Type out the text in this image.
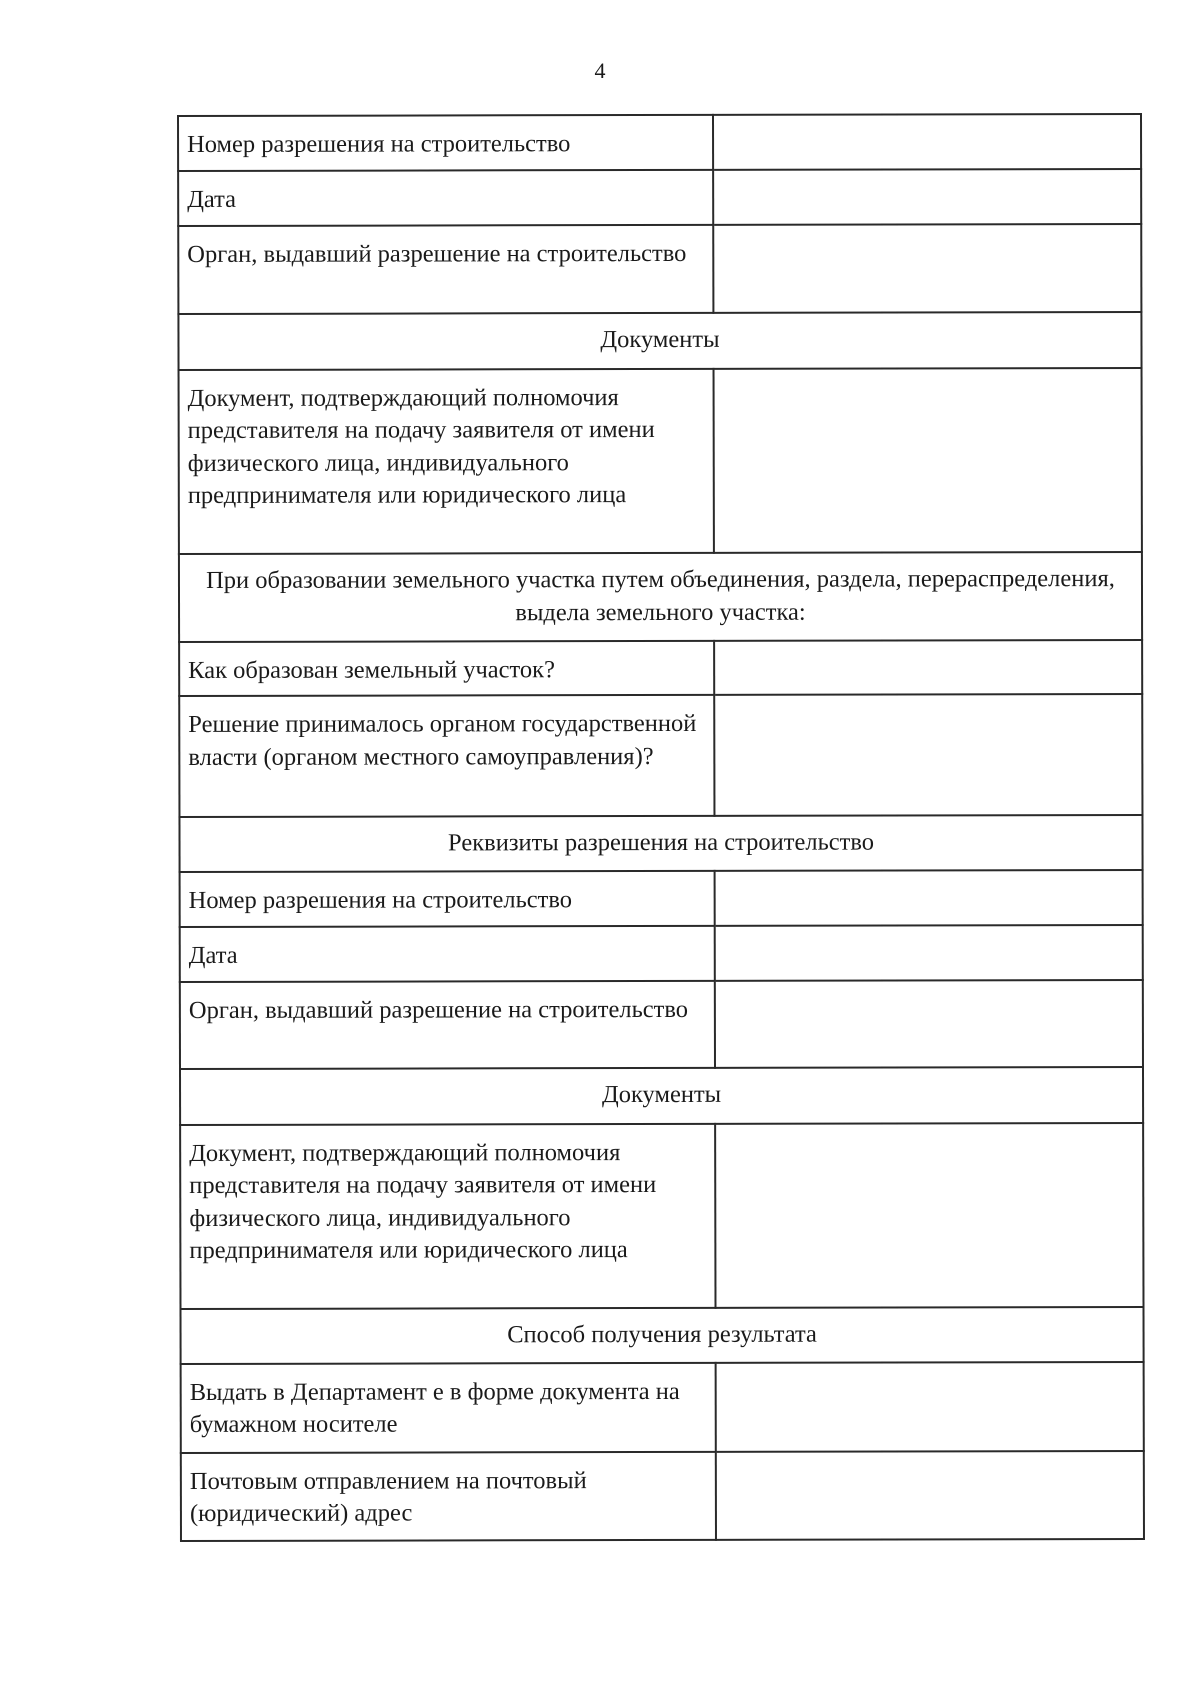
4
Номер разрешения на строительство	
Дата	
Орган, выдавший разрешение на строительство	
Документы	
Документ, подтверждающий полномочия представителя на подачу заявителя от имени физического лица, индивидуального предпринимателя или юридического лица	
При образовании земельного участка путем объединения, раздела, перераспределения, выдела земельного участка:	
Как образован земельный участок?	
Решение принималось органом государственной власти (органом местного самоуправления)?	
Реквизиты разрешения на строительство	
Номер разрешения на строительство	
Дата	
Орган, выдавший разрешение на строительство	
Документы	
Документ, подтверждающий полномочия представителя на подачу заявителя от имени физического лица, индивидуального предпринимателя или юридического лица	
Способ получения результата	
Выдать в Департамент е в форме документа на бумажном носителе	
Почтовым отправлением на почтовый (юридический) адрес	
